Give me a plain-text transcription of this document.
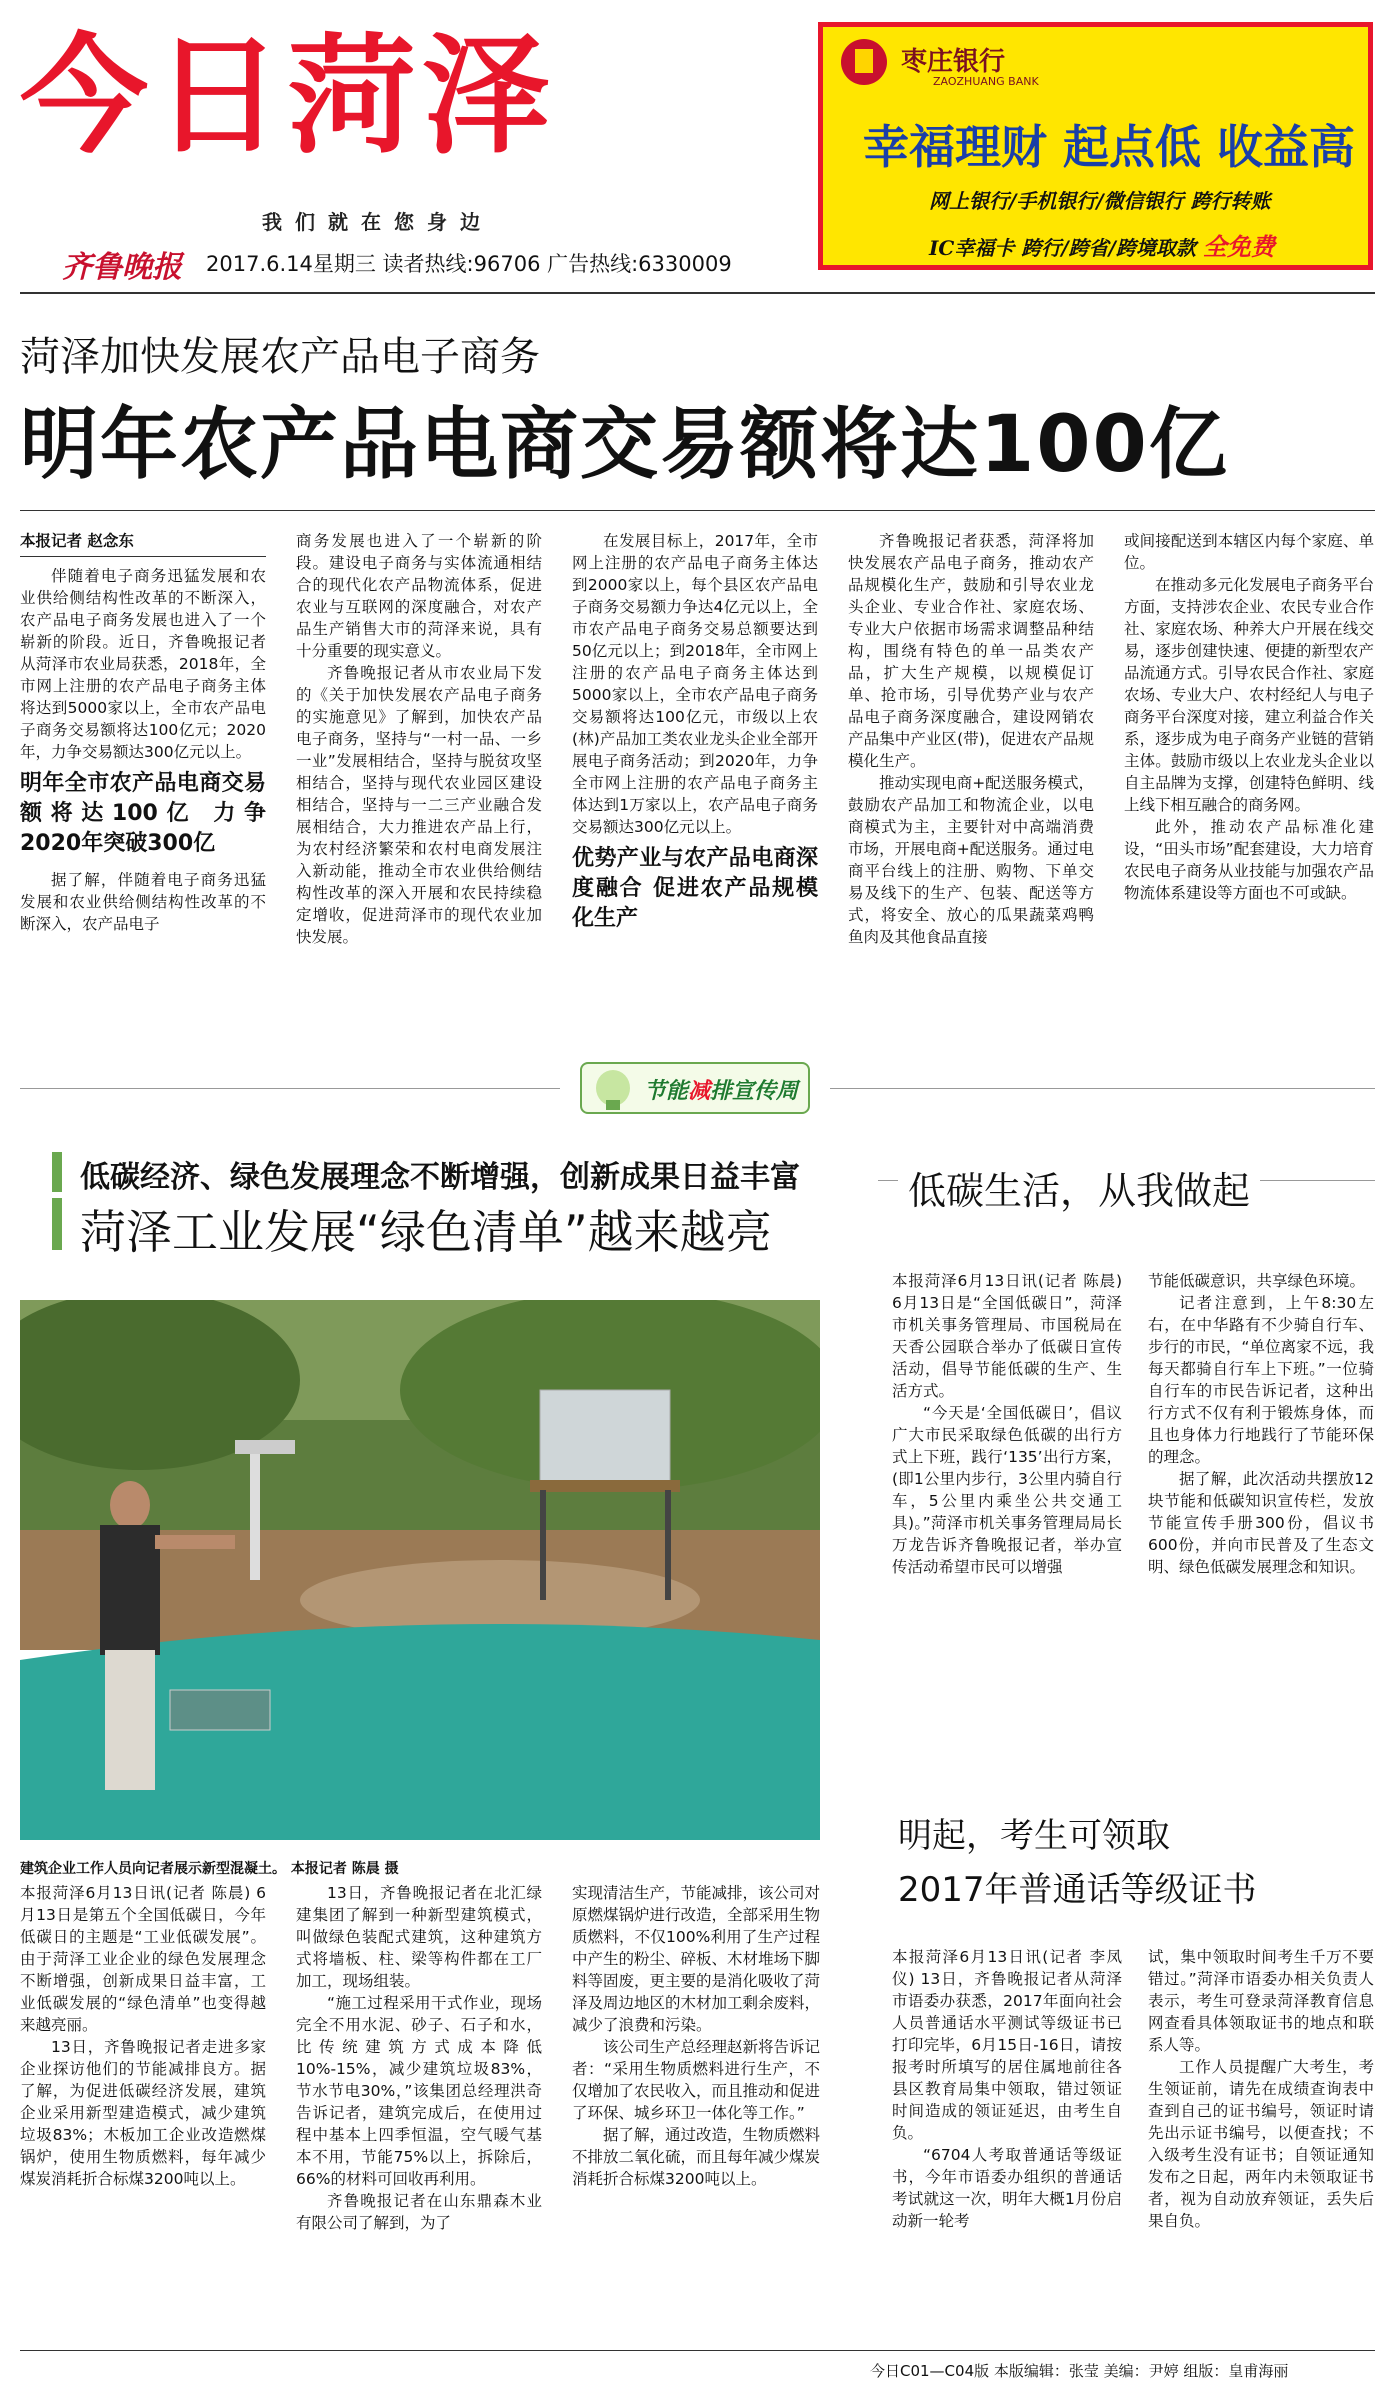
今日菏泽
我们就在您身边
齐鲁晚报 2017.6.14星期三 读者热线:96706 广告热线:6330009
枣庄银行
ZAOZHUANG BANK
幸福理财 起点低 收益高
网上银行/手机银行/微信银行 跨行转账
IC幸福卡 跨行/跨省/跨境取款 全免费
菏泽加快发展农产品电子商务
明年农产品电商交易额将达100亿

本报记者 赵念东

伴随着电子商务迅猛发展和农业供给侧结构性改革的不断深入，农产品电子商务发展也进入了一个崭新的阶段。近日，齐鲁晚报记者从菏泽市农业局获悉，2018年，全市网上注册的农产品电子商务主体将达到5000家以上，全市农产品电子商务交易额将达100亿元；2020年，力争交易额达300亿元以上。

明年全市农产品电商交易额将达100亿 力争2020年突破300亿

据了解，伴随着电子商务迅猛发展和农业供给侧结构性改革的不断深入，农产品电子

商务发展也进入了一个崭新的阶段。建设电子商务与实体流通相结合的现代化农产品物流体系，促进农业与互联网的深度融合，对农产品生产销售大市的菏泽来说，具有十分重要的现实意义。

齐鲁晚报记者从市农业局下发的《关于加快发展农产品电子商务的实施意见》了解到，加快农产品电子商务，坚持与“一村一品、一乡一业”发展相结合，坚持与脱贫攻坚相结合，坚持与现代农业园区建设相结合，坚持与一二三产业融合发展相结合，大力推进农产品上行，为农村经济繁荣和农村电商发展注入新动能，推动全市农业供给侧结构性改革的深入开展和农民持续稳定增收，促进菏泽市的现代农业加快发展。

在发展目标上，2017年，全市网上注册的农产品电子商务主体达到2000家以上，每个县区农产品电子商务交易额力争达4亿元以上，全市农产品电子商务交易总额要达到50亿元以上；到2018年，全市网上注册的农产品电子商务主体达到5000家以上，全市农产品电子商务交易额将达100亿元，市级以上农(林)产品加工类农业龙头企业全部开展电子商务活动；到2020年，力争全市网上注册的农产品电子商务主体达到1万家以上，农产品电子商务交易额达300亿元以上。

优势产业与农产品电商深度融合 促进农产品规模化生产

齐鲁晚报记者获悉，菏泽将加快发展农产品电子商务，推动农产品规模化生产，鼓励和引导农业龙头企业、专业合作社、家庭农场、专业大户依据市场需求调整品种结构，围绕有特色的单一品类农产品，扩大生产规模，以规模促订单、抢市场，引导优势产业与农产品电子商务深度融合，建设网销农产品集中产业区(带)，促进农产品规模化生产。

推动实现电商+配送服务模式，鼓励农产品加工和物流企业，以电商模式为主，主要针对中高端消费市场，开展电商+配送服务。通过电商平台线上的注册、购物、下单交易及线下的生产、包装、配送等方式，将安全、放心的瓜果蔬菜鸡鸭鱼肉及其他食品直接

或间接配送到本辖区内每个家庭、单位。

在推动多元化发展电子商务平台方面，支持涉农企业、农民专业合作社、家庭农场、种养大户开展在线交易，逐步创建快速、便捷的新型农产品流通方式。引导农民合作社、家庭农场、专业大户、农村经纪人与电子商务平台深度对接，建立利益合作关系，逐步成为电子商务产业链的营销主体。鼓励市级以上农业龙头企业以自主品牌为支撑，创建特色鲜明、线上线下相互融合的商务网。

此外，推动农产品标准化建设，“田头市场”配套建设，大力培育农民电子商务从业技能与加强农产品物流体系建设等方面也不可或缺。

节能减排宣传周
低碳经济、绿色发展理念不断增强，创新成果日益丰富
菏泽工业发展“绿色清单”越来越亮
建筑企业工作人员向记者展示新型混凝土。 本报记者 陈晨 摄

本报菏泽6月13日讯(记者 陈晨) 6月13日是第五个全国低碳日，今年低碳日的主题是“工业低碳发展”。由于菏泽工业企业的绿色发展理念不断增强，创新成果日益丰富，工业低碳发展的“绿色清单”也变得越来越亮丽。

13日，齐鲁晚报记者走进多家企业探访他们的节能减排良方。据了解，为促进低碳经济发展，建筑企业采用新型建造模式，减少建筑垃圾83%；木板加工企业改造燃煤锅炉，使用生物质燃料，每年减少煤炭消耗折合标煤3200吨以上。

13日，齐鲁晚报记者在北汇绿建集团了解到一种新型建筑模式，叫做绿色装配式建筑，这种建筑方式将墙板、柱、梁等构件都在工厂加工，现场组装。

“施工过程采用干式作业，现场完全不用水泥、砂子、石子和水，比传统建筑方式成本降低10%-15%，减少建筑垃圾83%，节水节电30%，”该集团总经理洪奇告诉记者，建筑完成后，在使用过程中基本上四季恒温，空气暖气基本不用，节能75%以上，拆除后，66%的材料可回收再利用。

齐鲁晚报记者在山东鼎森木业有限公司了解到，为了

实现清洁生产，节能减排，该公司对原燃煤锅炉进行改造，全部采用生物质燃料，不仅100%利用了生产过程中产生的粉尘、碎板、木材堆场下脚料等固废，更主要的是消化吸收了菏泽及周边地区的木材加工剩余废料，减少了浪费和污染。

该公司生产总经理赵新将告诉记者：“采用生物质燃料进行生产，不仅增加了农民收入，而且推动和促进了环保、城乡环卫一体化等工作。”

据了解，通过改造，生物质燃料不排放二氧化硫，而且每年减少煤炭消耗折合标煤3200吨以上。

低碳生活，从我做起

本报菏泽6月13日讯(记者 陈晨) 6月13日是“全国低碳日”，菏泽市机关事务管理局、市国税局在天香公园联合举办了低碳日宣传活动，倡导节能低碳的生产、生活方式。

“今天是‘全国低碳日’，倡议广大市民采取绿色低碳的出行方式上下班，践行‘135’出行方案，(即1公里内步行，3公里内骑自行车，5公里内乘坐公共交通工具)。”菏泽市机关事务管理局局长万龙告诉齐鲁晚报记者，举办宣传活动希望市民可以增强

节能低碳意识，共享绿色环境。

记者注意到，上午8:30左右，在中华路有不少骑自行车、步行的市民，“单位离家不远，我每天都骑自行车上下班。”一位骑自行车的市民告诉记者，这种出行方式不仅有利于锻炼身体，而且也身体力行地践行了节能环保的理念。

据了解，此次活动共摆放12块节能和低碳知识宣传栏，发放节能宣传手册300份，倡议书600份，并向市民普及了生态文明、绿色低碳发展理念和知识。

明起，考生可领取
2017年普通话等级证书

本报菏泽6月13日讯(记者 李凤仪) 13日，齐鲁晚报记者从菏泽市语委办获悉，2017年面向社会人员普通话水平测试等级证书已打印完毕，6月15日-16日，请按报考时所填写的居住属地前往各县区教育局集中领取，错过领证时间造成的领证延迟，由考生自负。

“6704人考取普通话等级证书，今年市语委办组织的普通话考试就这一次，明年大概1月份启动新一轮考

试，集中领取时间考生千万不要错过。”菏泽市语委办相关负责人表示，考生可登录菏泽教育信息网查看具体领取证书的地点和联系人等。

工作人员提醒广大考生，考生领证前，请先在成绩查询表中查到自己的证书编号，领证时请先出示证书编号，以便查找；不入级考生没有证书；自领证通知发布之日起，两年内未领取证书者，视为自动放弃领证，丢失后果自负。

今日C01—C04版 本版编辑：张莹 美编：尹婷 组版：皇甫海丽
